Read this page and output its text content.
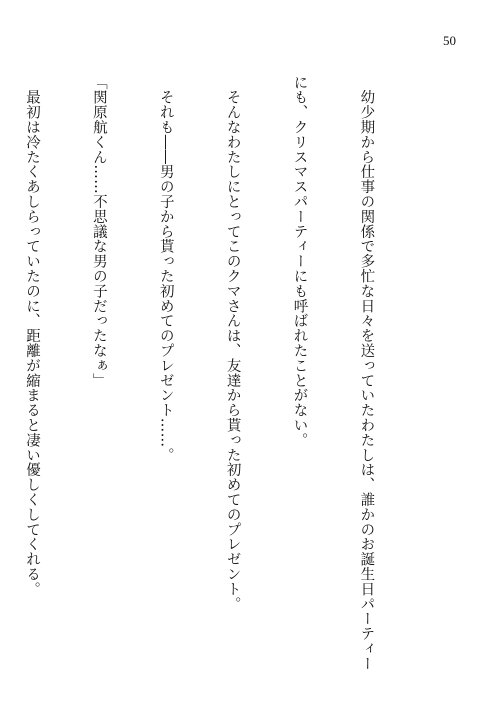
50

　幼少期から仕事の関係で多忙な日々を送っていたわたしは、誰かのお誕生日パーティー

にも、クリスマスパーティーにも呼ばれたことがない。

　そんなわたしにとってこのクマさんは、友達から貰った初めてのプレゼント。

　それも――男の子から貰った初めてのプレゼント……。

「関原航くん……不思議な男の子だったなぁ」

　最初は冷たくあしらっていたのに、距離が縮まると凄い優しくしてくれる。
